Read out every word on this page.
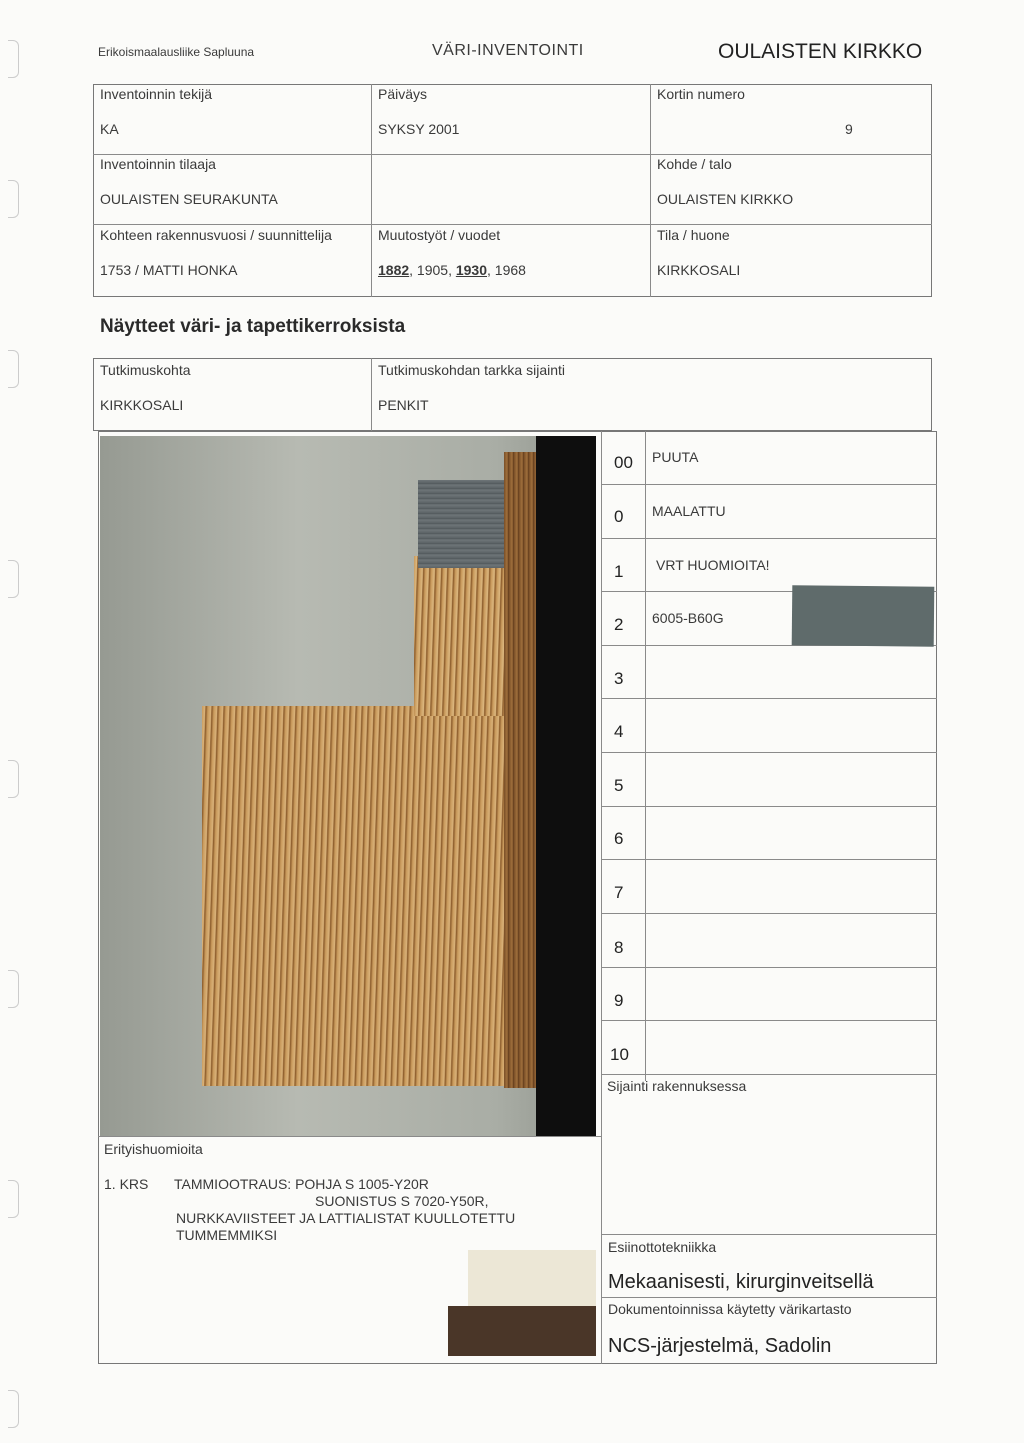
Erikoismaalausliike Sapluuna	VÄRI-INVENTOINTI	OULAISTEN KIRKKO
Inventoinnin tekijä
KA
Päiväys
SYKSY 2001
Kortin numero
9
Inventoinnin tilaaja
OULAISTEN SEURAKUNTA
Kohde / talo
OULAISTEN KIRKKO
Kohteen rakennusvuosi / suunnittelija
1753 / MATTI HONKA
Muutostyöt / vuodet
1882, 1905, 1930, 1968
Tila / huone
KIRKKOSALI
Näytteet väri- ja tapettikerroksista
Tutkimuskohta
KIRKKOSALI
Tutkimuskohdan tarkka sijainti
PENKIT
00 PUUTA
0 MAALATTU
1 VRT HUOMIOITA!
2 6005-B60G
3
4
5
6
7
8
9
10
Sijainti rakennuksessa
Erityishuomioita
1. KRS TAMMIOOTRAUS: POHJA S 1005-Y20R
SUONISTUS S 7020-Y50R,
NURKKAVIISTEET JA LATTIALISTAT KUULLOTETTU
TUMMEMMIKSI
Esiinottotekniikka
Mekaanisesti, kirurginveitsellä
Dokumentoinnissa käytetty värikartasto
NCS-järjestelmä, Sadolin
